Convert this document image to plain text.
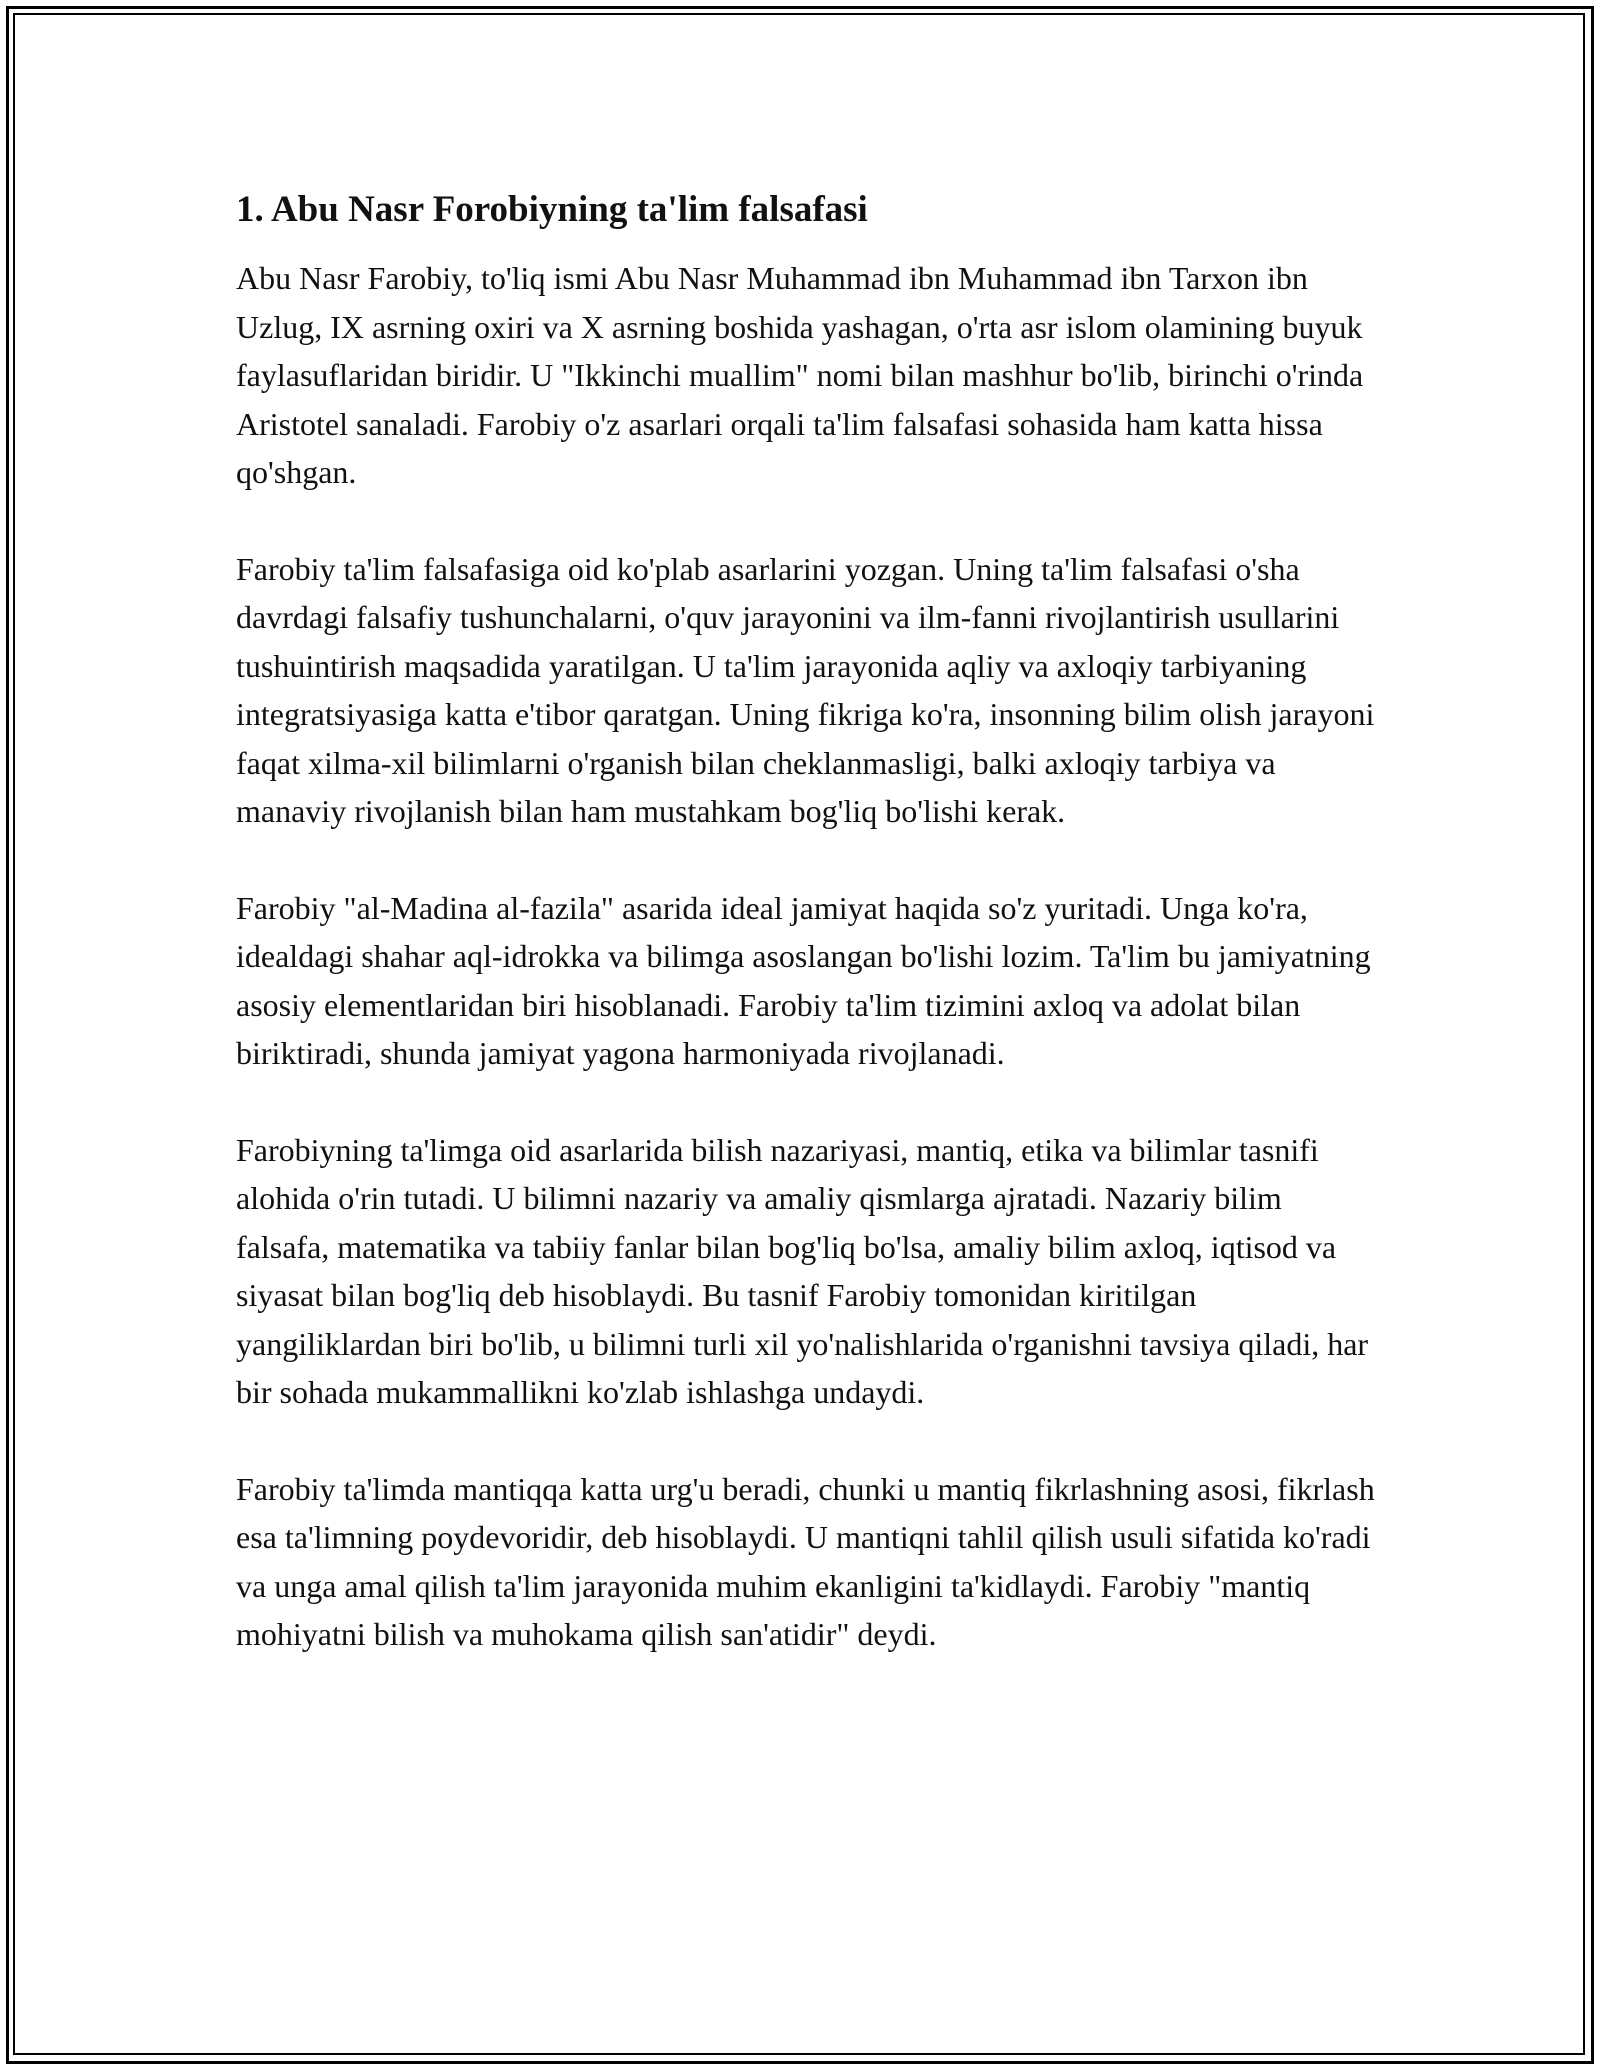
1. Abu Nasr Forobiyning ta'lim falsafasi

Abu Nasr Farobiy, to'liq ismi Abu Nasr Muhammad ibn Muhammad ibn Tarxon ibn Uzlug, IX asrning oxiri va X asrning boshida yashagan, o'rta asr islom olamining buyuk faylasuflaridan biridir. U "Ikkinchi muallim" nomi bilan mashhur bo'lib, birinchi o'rinda Aristotel sanaladi. Farobiy o'z asarlari orqali ta'lim falsafasi sohasida ham katta hissa qo'shgan.

Farobiy ta'lim falsafasiga oid ko'plab asarlarini yozgan. Uning ta'lim falsafasi o'sha davrdagi falsafiy tushunchalarni, o'quv jarayonini va ilm-fanni rivojlantirish usullarini tushuintirish maqsadida yaratilgan. U ta'lim jarayonida aqliy va axloqiy tarbiyaning integratsiyasiga katta e'tibor qaratgan. Uning fikriga ko'ra, insonning bilim olish jarayoni faqat xilma-xil bilimlarni o'rganish bilan cheklanmasligi, balki axloqiy tarbiya va manaviy rivojlanish bilan ham mustahkam bog'liq bo'lishi kerak.

Farobiy "al-Madina al-fazila" asarida ideal jamiyat haqida so'z yuritadi. Unga ko'ra, idealdagi shahar aql-idrokka va bilimga asoslangan bo'lishi lozim. Ta'lim bu jamiyatning asosiy elementlaridan biri hisoblanadi. Farobiy ta'lim tizimini axloq va adolat bilan biriktiradi, shunda jamiyat yagona harmoniyada rivojlanadi.

Farobiyning ta'limga oid asarlarida bilish nazariyasi, mantiq, etika va bilimlar tasnifi alohida o'rin tutadi. U bilimni nazariy va amaliy qismlarga ajratadi. Nazariy bilim falsafa, matematika va tabiiy fanlar bilan bog'liq bo'lsa, amaliy bilim axloq, iqtisod va siyasat bilan bog'liq deb hisoblaydi. Bu tasnif Farobiy tomonidan kiritilgan yangiliklardan biri bo'lib, u bilimni turli xil yo'nalishlarida o'rganishni tavsiya qiladi, har bir sohada mukammallikni ko'zlab ishlashga undaydi.

Farobiy ta'limda mantiqqa katta urg'u beradi, chunki u mantiq fikrlashning asosi, fikrlash esa ta'limning poydevoridir, deb hisoblaydi. U mantiqni tahlil qilish usuli sifatida ko'radi va unga amal qilish ta'lim jarayonida muhim ekanligini ta'kidlaydi. Farobiy "mantiq mohiyatni bilish va muhokama qilish san'atidir" deydi.
